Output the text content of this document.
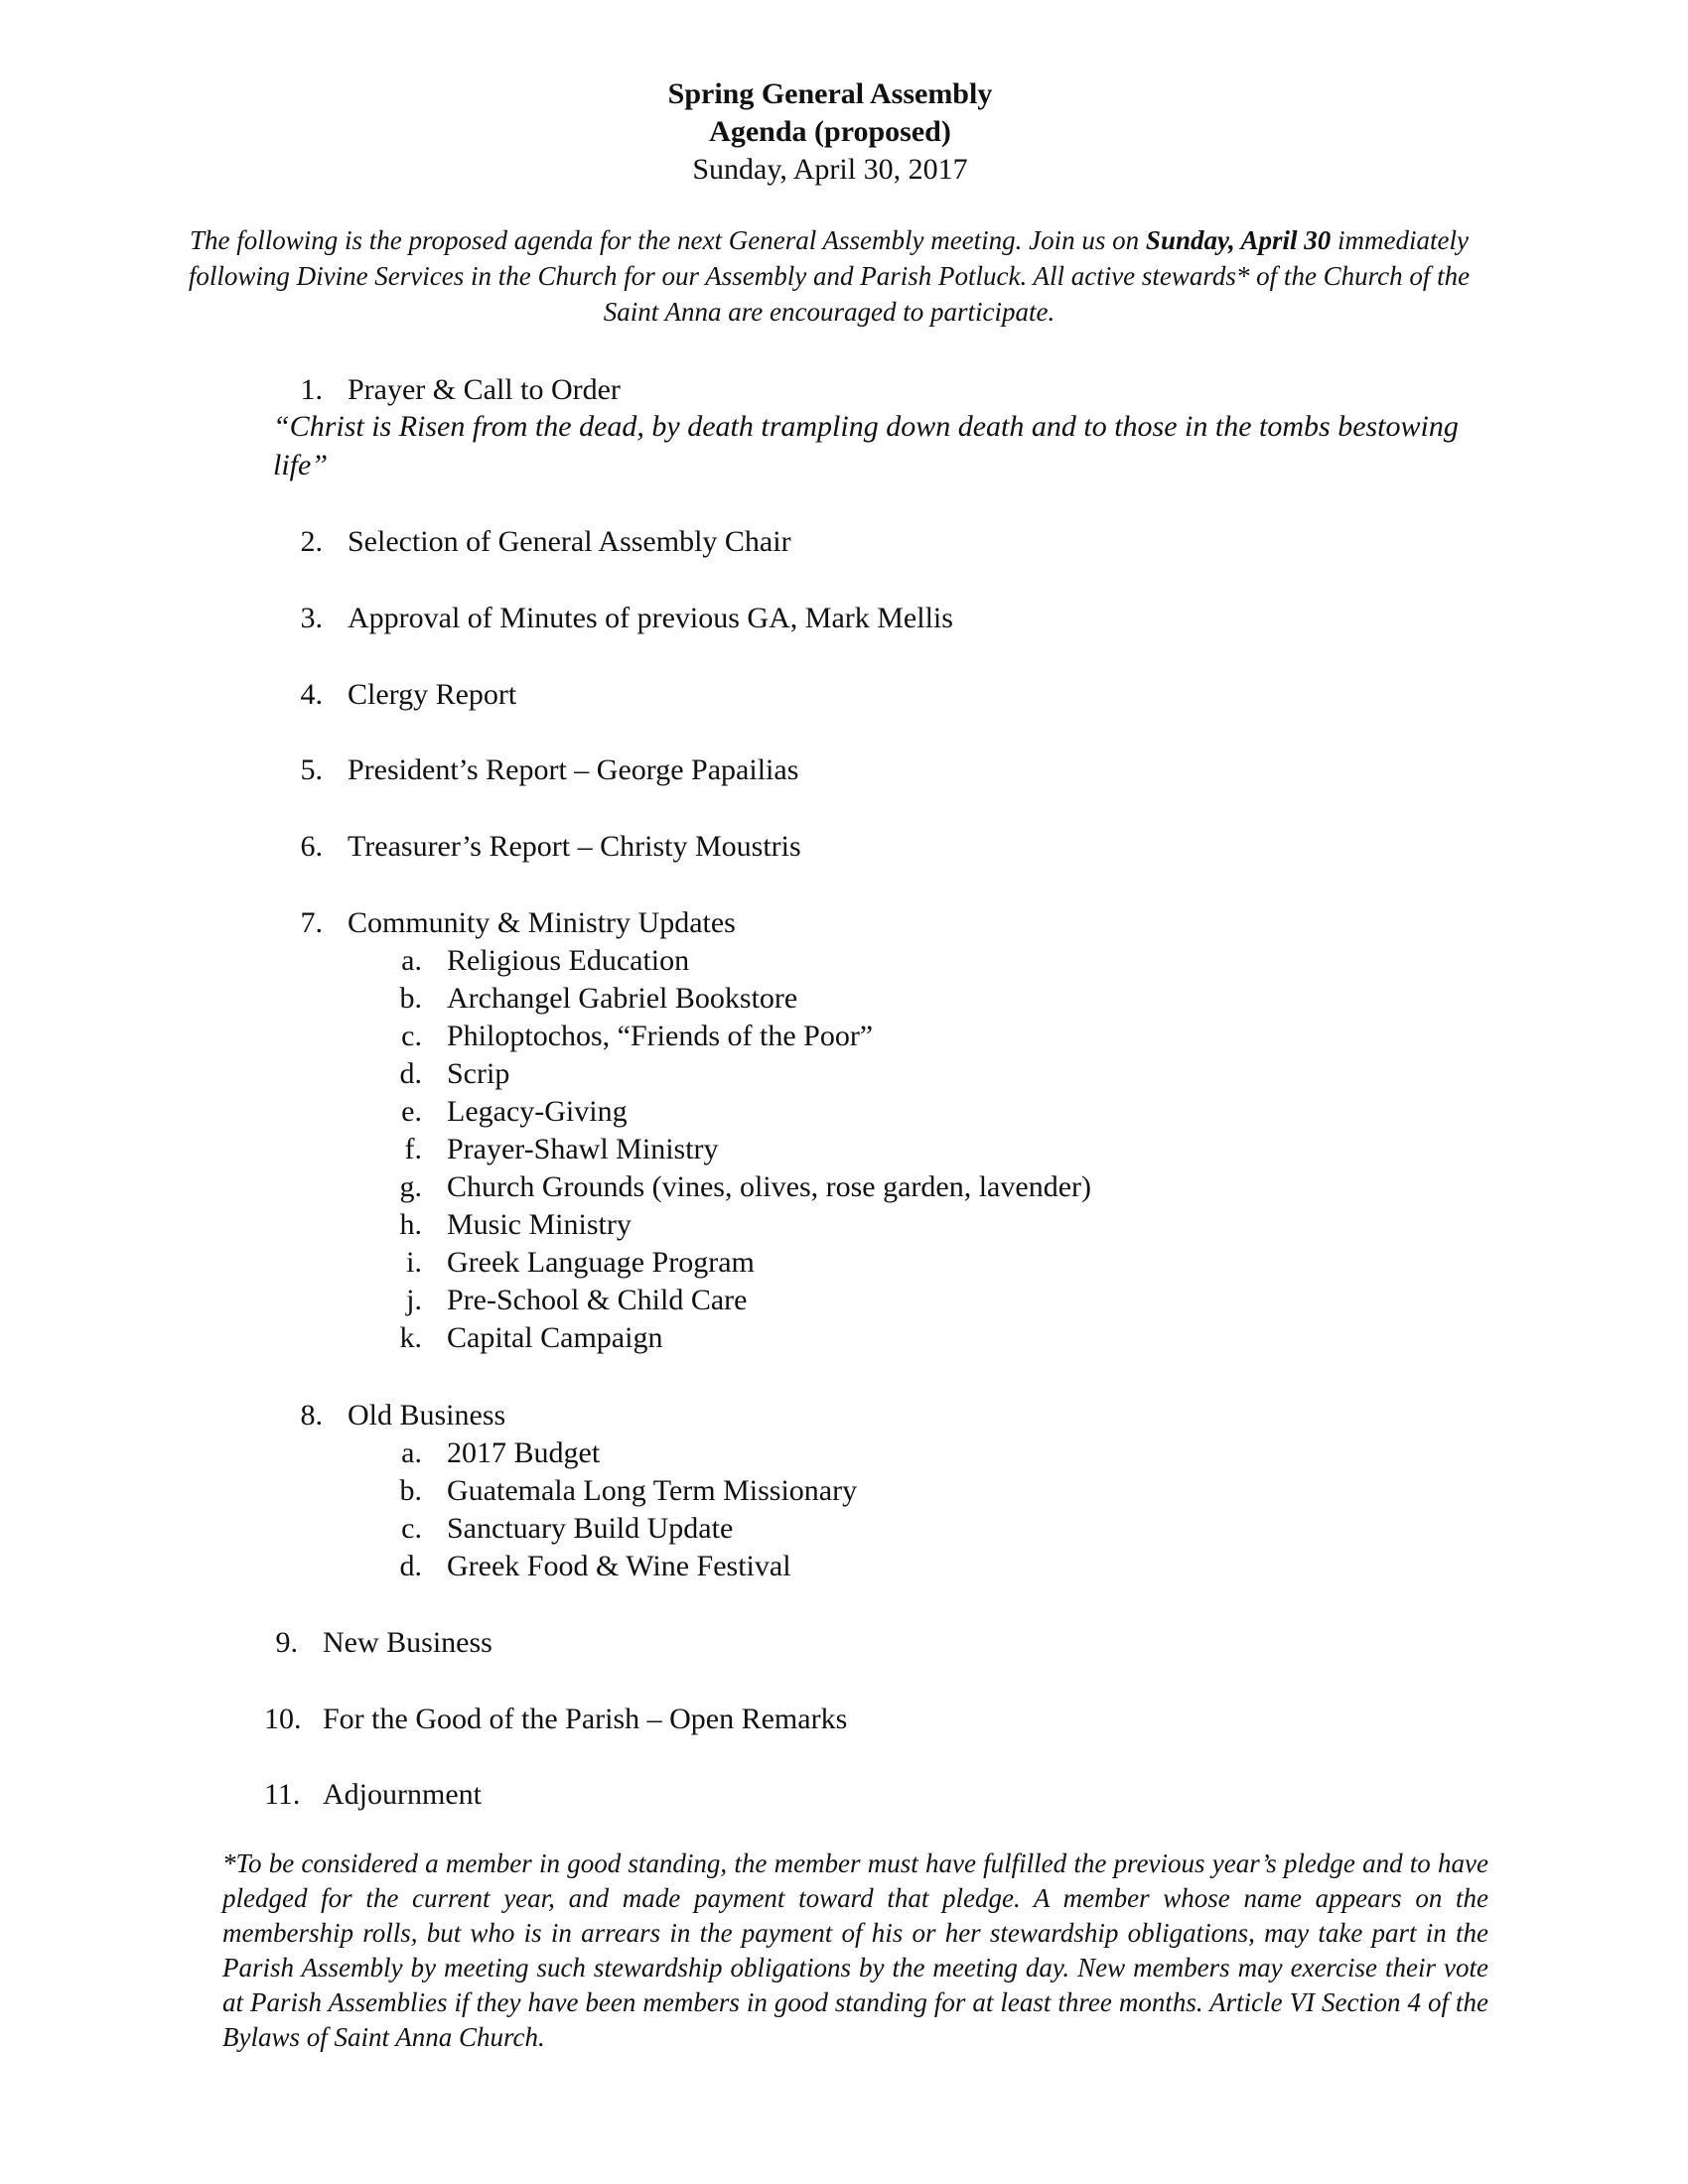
Spring General Assembly
Agenda (proposed)
Sunday, April 30, 2017
The following is the proposed agenda for the next General Assembly meeting. Join us on Sunday, April 30 immediately following Divine Services in the Church for our Assembly and Parish Potluck. All active stewards* of the Church of the Saint Anna are encouraged to participate.
1. Prayer & Call to Order
“Christ is Risen from the dead, by death trampling down death and to those in the tombs bestowing life”
2. Selection of General Assembly Chair
3. Approval of Minutes of previous GA, Mark Mellis
4. Clergy Report
5. President’s Report – George Papailias
6. Treasurer’s Report – Christy Moustris
7. Community & Ministry Updates
a. Religious Education
b. Archangel Gabriel Bookstore
c. Philoptochos, “Friends of the Poor”
d. Scrip
e. Legacy-Giving
f. Prayer-Shawl Ministry
g. Church Grounds (vines, olives, rose garden, lavender)
h. Music Ministry
i. Greek Language Program
j. Pre-School & Child Care
k. Capital Campaign
8. Old Business
a. 2017 Budget
b. Guatemala Long Term Missionary
c. Sanctuary Build Update
d. Greek Food & Wine Festival
9. New Business
10. For the Good of the Parish – Open Remarks
11. Adjournment
*To be considered a member in good standing, the member must have fulfilled the previous year’s pledge and to have pledged for the current year, and made payment toward that pledge. A member whose name appears on the membership rolls, but who is in arrears in the payment of his or her stewardship obligations, may take part in the Parish Assembly by meeting such stewardship obligations by the meeting day. New members may exercise their vote at Parish Assemblies if they have been members in good standing for at least three months. Article VI Section 4 of the Bylaws of Saint Anna Church.
